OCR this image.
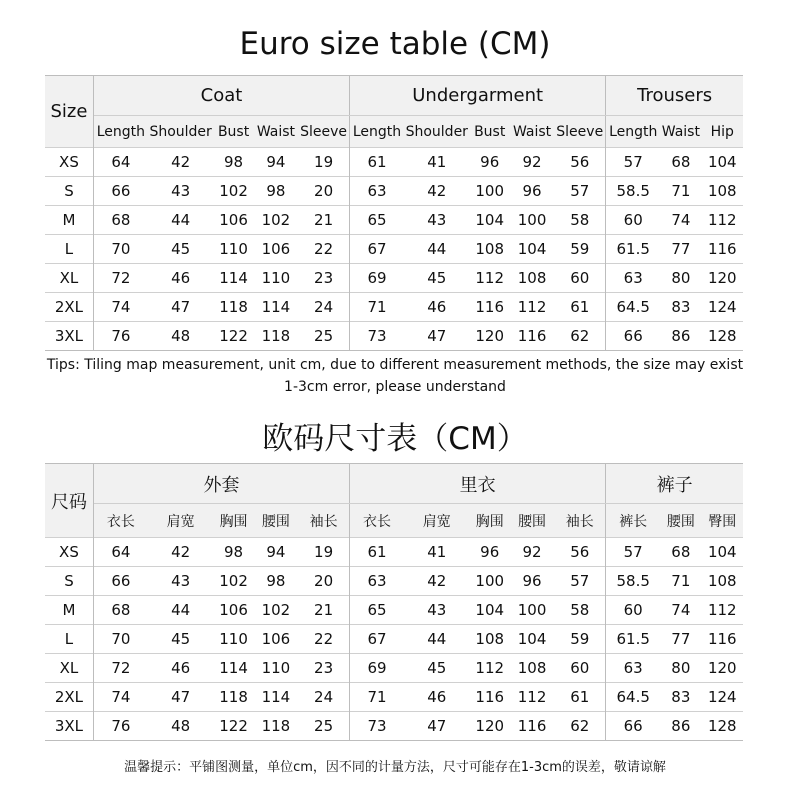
Euro size table (CM)
Size	Coat					Undergarment					Trousers		
	Length	Shoulder	Bust	Waist	Sleeve	Length	Shoulder	Bust	Waist	Sleeve	Length	Waist	Hip
XS	64	42	98	94	19	61	41	96	92	56	57	68	104
S	66	43	102	98	20	63	42	100	96	57	58.5	71	108
M	68	44	106	102	21	65	43	104	100	58	60	74	112
L	70	45	110	106	22	67	44	108	104	59	61.5	77	116
XL	72	46	114	110	23	69	45	112	108	60	63	80	120
2XL	74	47	118	114	24	71	46	116	112	61	64.5	83	124
3XL	76	48	122	118	25	73	47	120	116	62	66	86	128
Tips: Tiling map measurement, unit cm, due to different measurement methods, the size may exist 1-3cm error, please understand
欧码尺寸表（CM）
尺码	外套					里衣					裤子		
	衣长	肩宽	胸围	腰围	袖长	衣长	肩宽	胸围	腰围	袖长	裤长	腰围	臀围
XS	64	42	98	94	19	61	41	96	92	56	57	68	104
S	66	43	102	98	20	63	42	100	96	57	58.5	71	108
M	68	44	106	102	21	65	43	104	100	58	60	74	112
L	70	45	110	106	22	67	44	108	104	59	61.5	77	116
XL	72	46	114	110	23	69	45	112	108	60	63	80	120
2XL	74	47	118	114	24	71	46	116	112	61	64.5	83	124
3XL	76	48	122	118	25	73	47	120	116	62	66	86	128
温馨提示：平铺图测量，单位cm，因不同的计量方法，尺寸可能存在1-3cm的误差，敬请谅解
